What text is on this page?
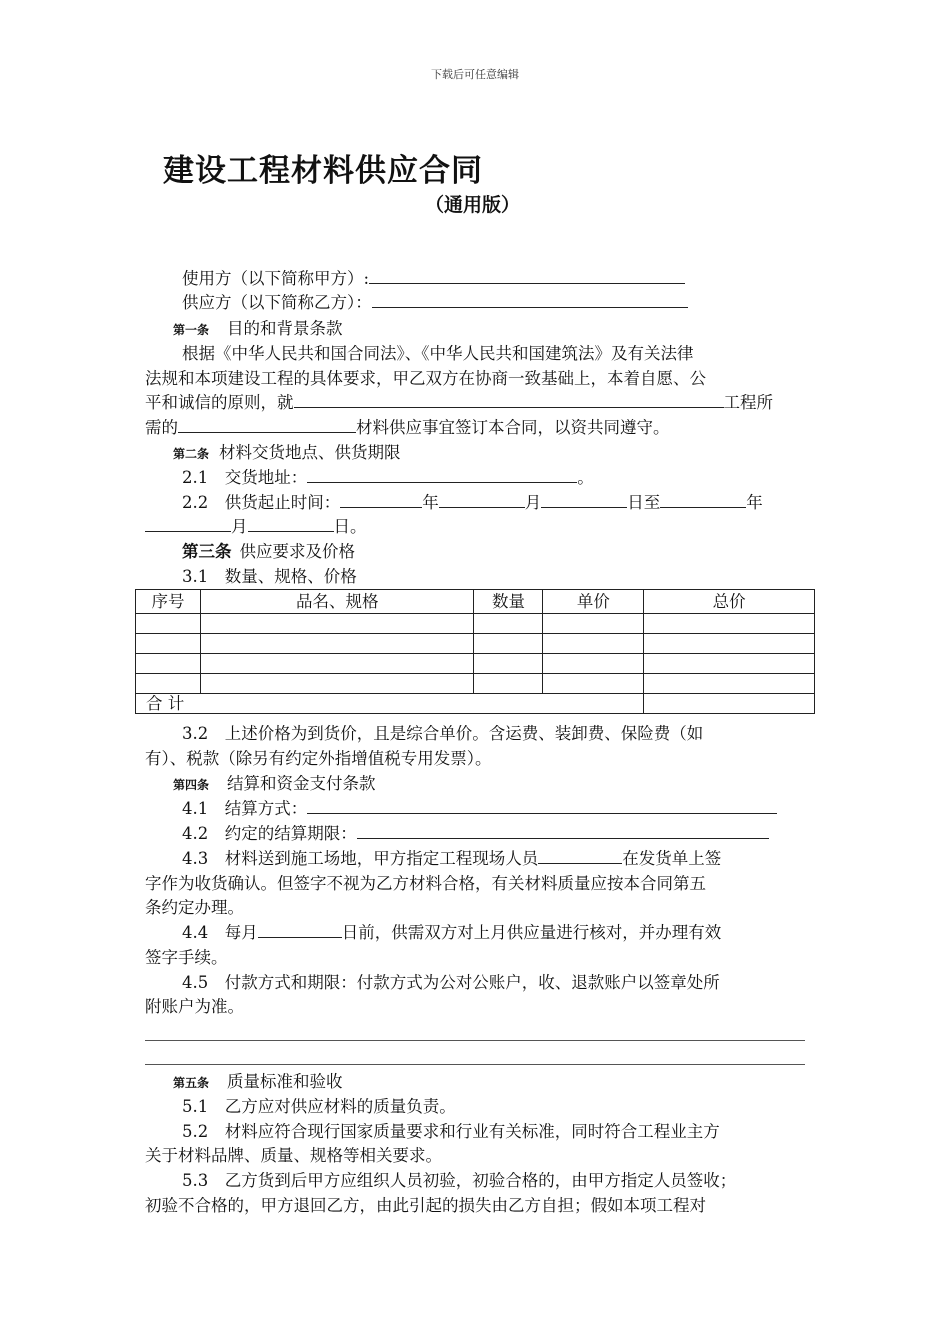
下载后可任意编辑
建设工程材料供应合同
（通用版）
使用方（以下简称甲方）:
供应方（以下简称乙方）：
第一条 目的和背景条款
根据《中华人民共和国合同法》、《中华人民共和国建筑法》及有关法律
法规和本项建设工程的具体要求，甲乙双方在协商一致基础上，本着自愿、公
平和诚信的原则，就	工程所
需的	材料供应事宜签订本合同，以资共同遵守。
第二条 材料交货地点、供货期限
2.1　交货地址：	。
2.2　供货起止时间：	年	月	日至	年
月	日。
第三条 供应要求及价格
3.1　数量、规格、价格
序号	品名、规格	数量	单价	总价

合 计				
3.2　上述价格为到货价，且是综合单价。含运费、装卸费、保险费（如
有）、税款（除另有约定外指增值税专用发票）。
第四条 结算和资金支付条款
4.1　结算方式：
4.2　约定的结算期限：
4.3　材料送到施工场地，甲方指定工程现场人员	在发货单上签
字作为收货确认。但签字不视为乙方材料合格，有关材料质量应按本合同第五
条约定办理。
4.4　每月	日前，供需双方对上月供应量进行核对，并办理有效
签字手续。
4.5　付款方式和期限：付款方式为公对公账户，收、退款账户以签章处所
附账户为准。
第五条 质量标准和验收
5.1　乙方应对供应材料的质量负责。
5.2　材料应符合现行国家质量要求和行业有关标准，同时符合工程业主方
关于材料品牌、质量、规格等相关要求。
5.3　乙方货到后甲方应组织人员初验，初验合格的，由甲方指定人员签收；
初验不合格的，甲方退回乙方，由此引起的损失由乙方自担；假如本项工程对
